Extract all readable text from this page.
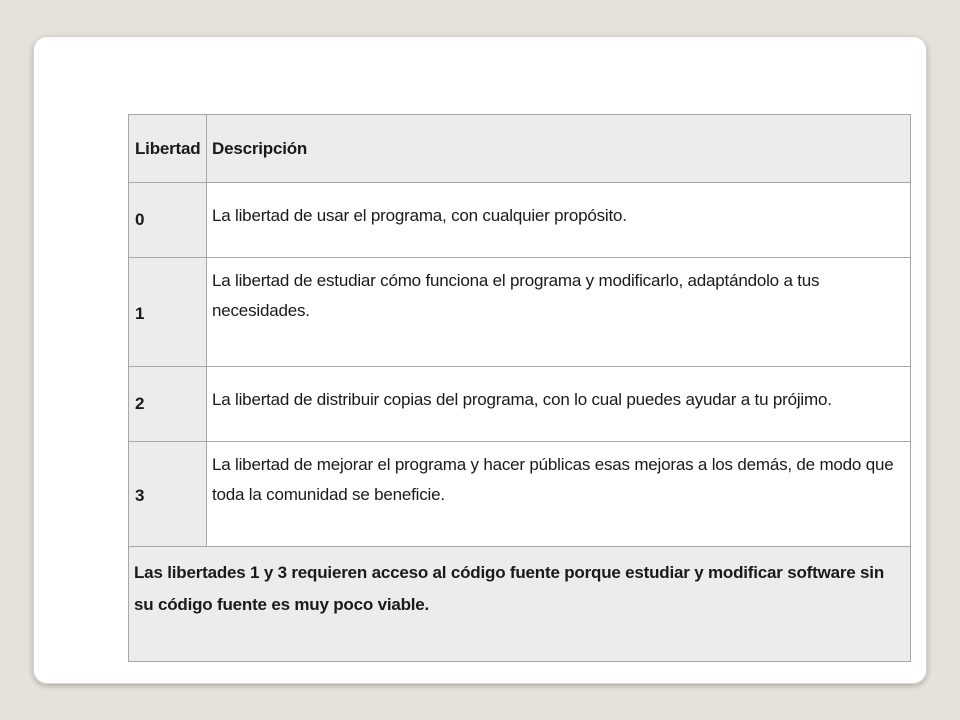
Libertad	Descripción
0	La libertad de usar el programa, con cualquier propósito.
1	La libertad de estudiar cómo funciona el programa y modificarlo, adaptándolo a tus necesidades.
2	La libertad de distribuir copias del programa, con lo cual puedes ayudar a tu prójimo.
3	La libertad de mejorar el programa y hacer públicas esas mejoras a los demás, de modo que toda la comunidad se beneficie.
Las libertades 1 y 3 requieren acceso al código fuente porque estudiar y modificar software sin su código fuente es muy poco viable.	
